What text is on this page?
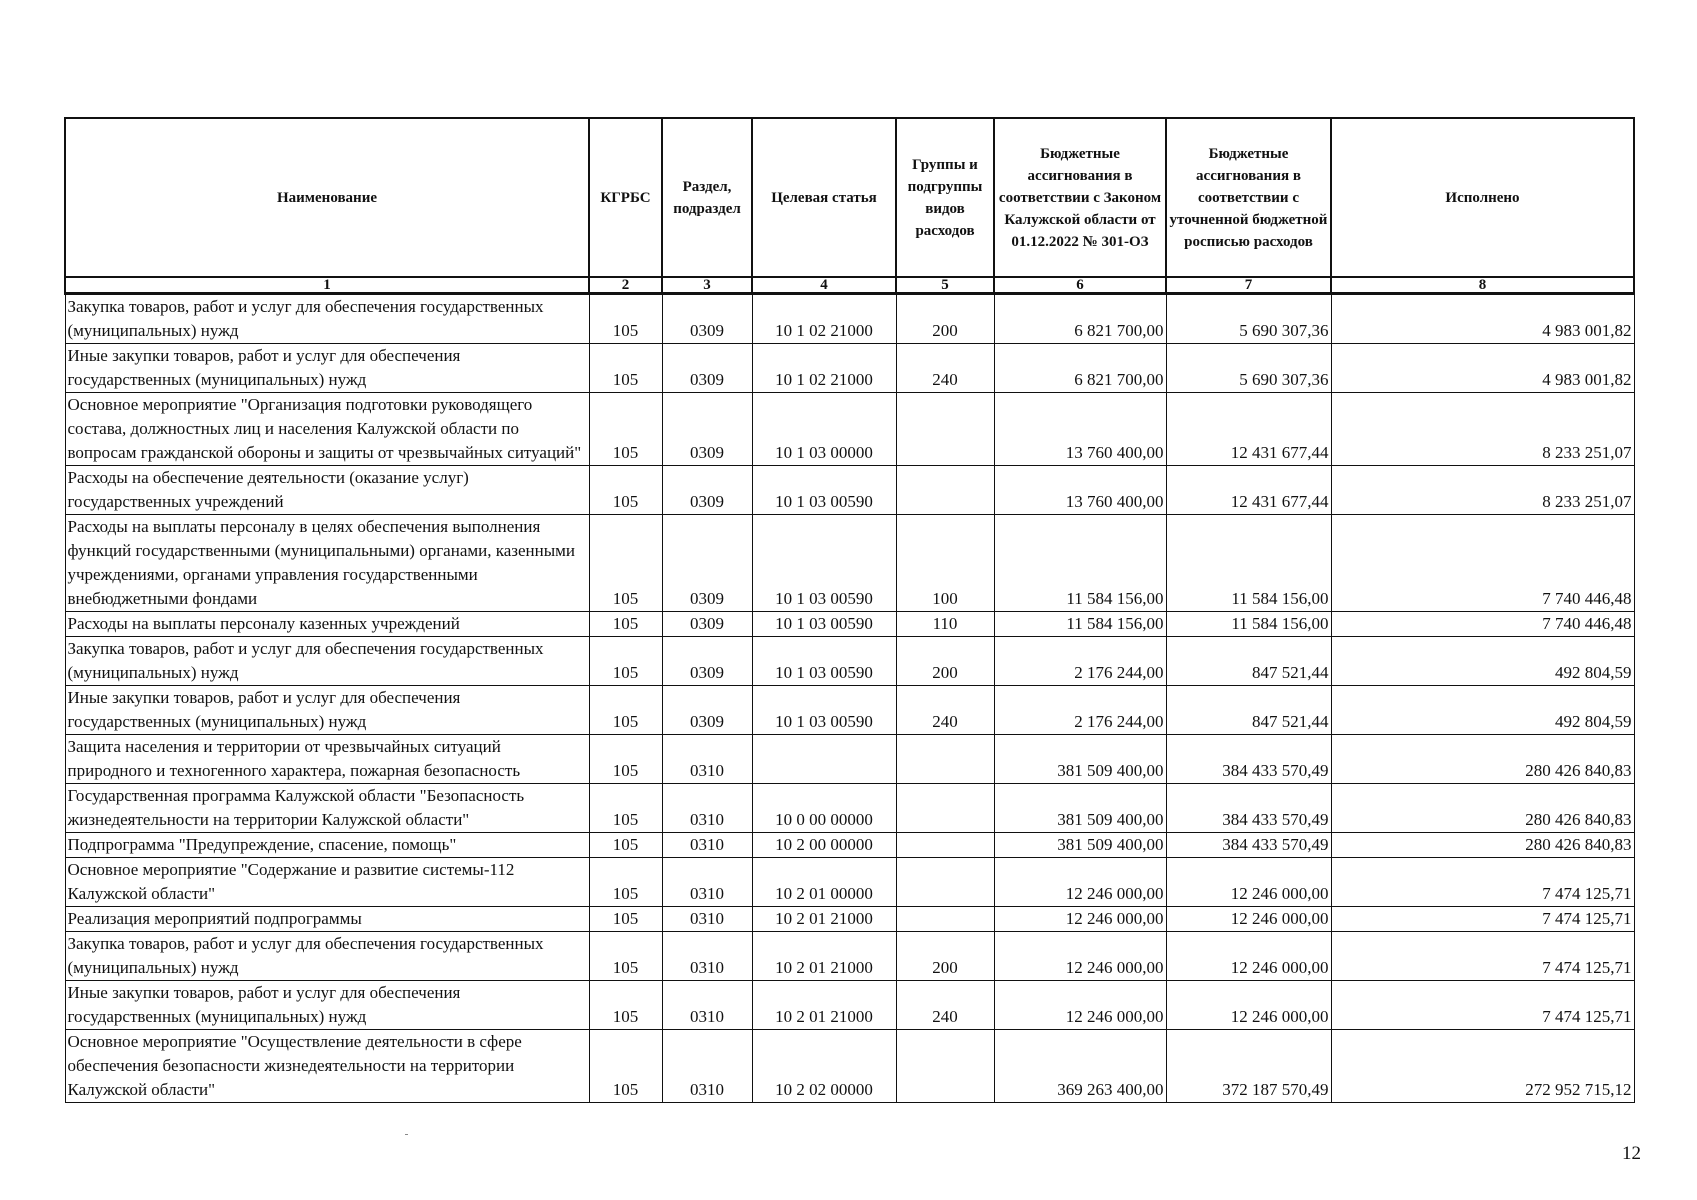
Наименование	КГРБС	Раздел, подраздел	Целевая статья	Группы и подгруппы видов расходов	Бюджетные ассигнования в соответствии с Законом Калужской области от 01.12.2022 № 301-ОЗ	Бюджетные ассигнования в соответствии с уточненной бюджетной росписью расходов	Исполнено
1	2	3	4	5	6	7	8
Закупка товаров, работ и услуг для обеспечения государственных (муниципальных) нужд	105	0309	10 1 02 21000	200	6 821 700,00	5 690 307,36	4 983 001,82
Иные закупки товаров, работ и услуг для обеспечения государственных (муниципальных) нужд	105	0309	10 1 02 21000	240	6 821 700,00	5 690 307,36	4 983 001,82
Основное мероприятие "Организация подготовки руководящего состава, должностных лиц и населения Калужской области по вопросам гражданской обороны и защиты от чрезвычайных ситуаций"	105	0309	10 1 03 00000		13 760 400,00	12 431 677,44	8 233 251,07
Расходы на обеспечение деятельности (оказание услуг) государственных учреждений	105	0309	10 1 03 00590		13 760 400,00	12 431 677,44	8 233 251,07
Расходы на выплаты персоналу в целях обеспечения выполнения функций государственными (муниципальными) органами, казенными учреждениями, органами управления государственными внебюджетными фондами	105	0309	10 1 03 00590	100	11 584 156,00	11 584 156,00	7 740 446,48
Расходы на выплаты персоналу казенных учреждений	105	0309	10 1 03 00590	110	11 584 156,00	11 584 156,00	7 740 446,48
Закупка товаров, работ и услуг для обеспечения государственных (муниципальных) нужд	105	0309	10 1 03 00590	200	2 176 244,00	847 521,44	492 804,59
Иные закупки товаров, работ и услуг для обеспечения государственных (муниципальных) нужд	105	0309	10 1 03 00590	240	2 176 244,00	847 521,44	492 804,59
Защита населения и территории от чрезвычайных ситуаций природного и техногенного характера, пожарная безопасность	105	0310			381 509 400,00	384 433 570,49	280 426 840,83
Государственная программа Калужской области "Безопасность жизнедеятельности на территории Калужской области"	105	0310	10 0 00 00000		381 509 400,00	384 433 570,49	280 426 840,83
Подпрограмма "Предупреждение, спасение, помощь"	105	0310	10 2 00 00000		381 509 400,00	384 433 570,49	280 426 840,83
Основное мероприятие "Содержание и развитие системы-112 Калужской области"	105	0310	10 2 01 00000		12 246 000,00	12 246 000,00	7 474 125,71
Реализация мероприятий подпрограммы	105	0310	10 2 01 21000		12 246 000,00	12 246 000,00	7 474 125,71
Закупка товаров, работ и услуг для обеспечения государственных (муниципальных) нужд	105	0310	10 2 01 21000	200	12 246 000,00	12 246 000,00	7 474 125,71
Иные закупки товаров, работ и услуг для обеспечения государственных (муниципальных) нужд	105	0310	10 2 01 21000	240	12 246 000,00	12 246 000,00	7 474 125,71
Основное мероприятие "Осуществление деятельности в сфере обеспечения безопасности жизнедеятельности на территории Калужской области"	105	0310	10 2 02 00000		369 263 400,00	372 187 570,49	272 952 715,12
12
